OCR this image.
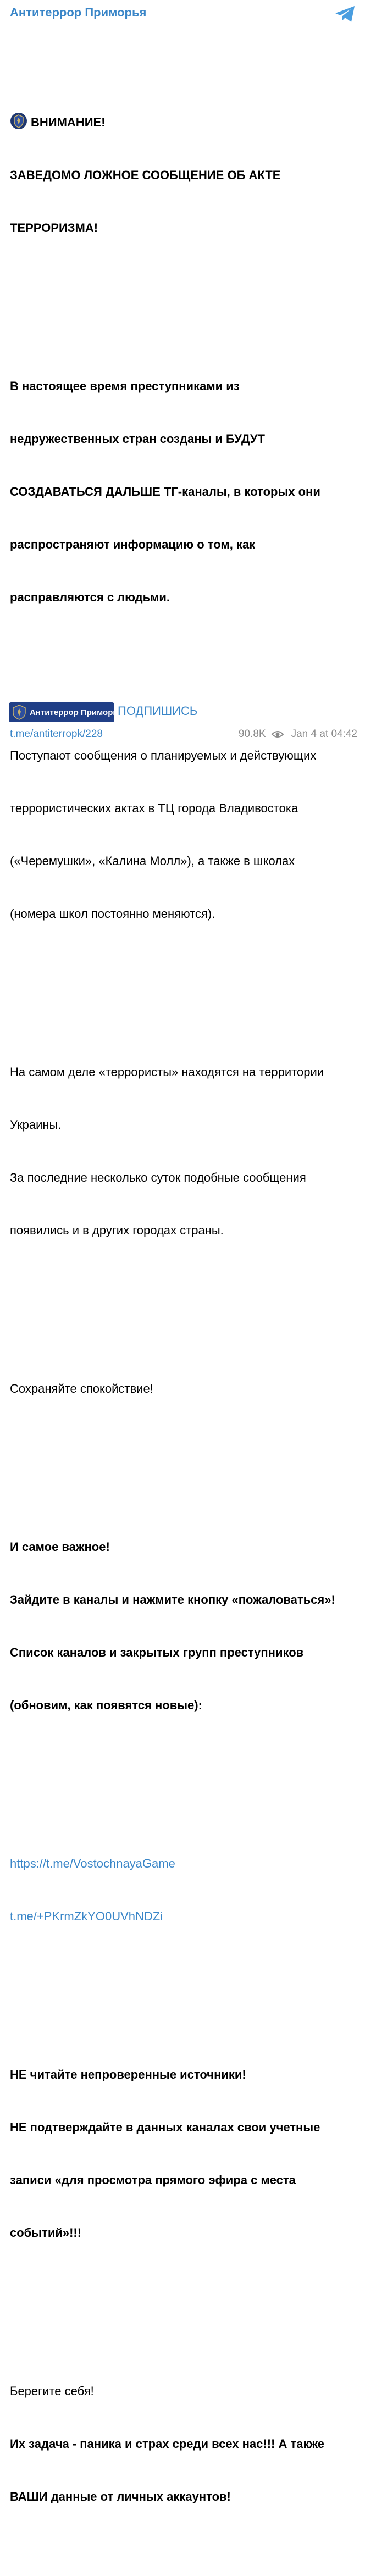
Антитеррор Приморья

ВНИМАНИЕ!

ЗАВЕДОМО ЛОЖНОЕ СООБЩЕНИЕ ОБ АКТЕ

ТЕРРОРИЗМА!

В настоящее время преступниками из

недружественных стран созданы и БУДУТ

СОЗДАВАТЬСЯ ДАЛЬШЕ ТГ-каналы, в которых они

распространяют информацию о том, как

расправляются с людьми.

Поступают сообщения о планируемых и действующих

террористических актах в ТЦ города Владивостока

(«Черемушки», «Калина Молл»), а также в школах

(номера школ постоянно меняются).

На самом деле «террористы» находятся на территории

Украины.

За последние несколько суток подобные сообщения

появились и в других городах страны.

Сохраняйте спокойствие!

И самое важное!

Зайдите в каналы и нажмите кнопку «пожаловаться»!

Список каналов и закрытых групп преступников

(обновим, как появятся новые):

https://t.me/VostochnayaGame

t.me/+PKrmZkYO0UVhNDZi

НЕ читайте непроверенные источники!

НЕ подтверждайте в данных каналах свои учетные

записи «для просмотра прямого эфира с места

событий»!!!

Берегите себя!

Их задача - паника и страх среди всех нас!!! А также

ВАШИ данные от личных аккаунтов!

Антитеррор Приморья
ПОДПИШИСЬ
t.me/antiterropk/228	90.8K Jan 4 at 04:42
